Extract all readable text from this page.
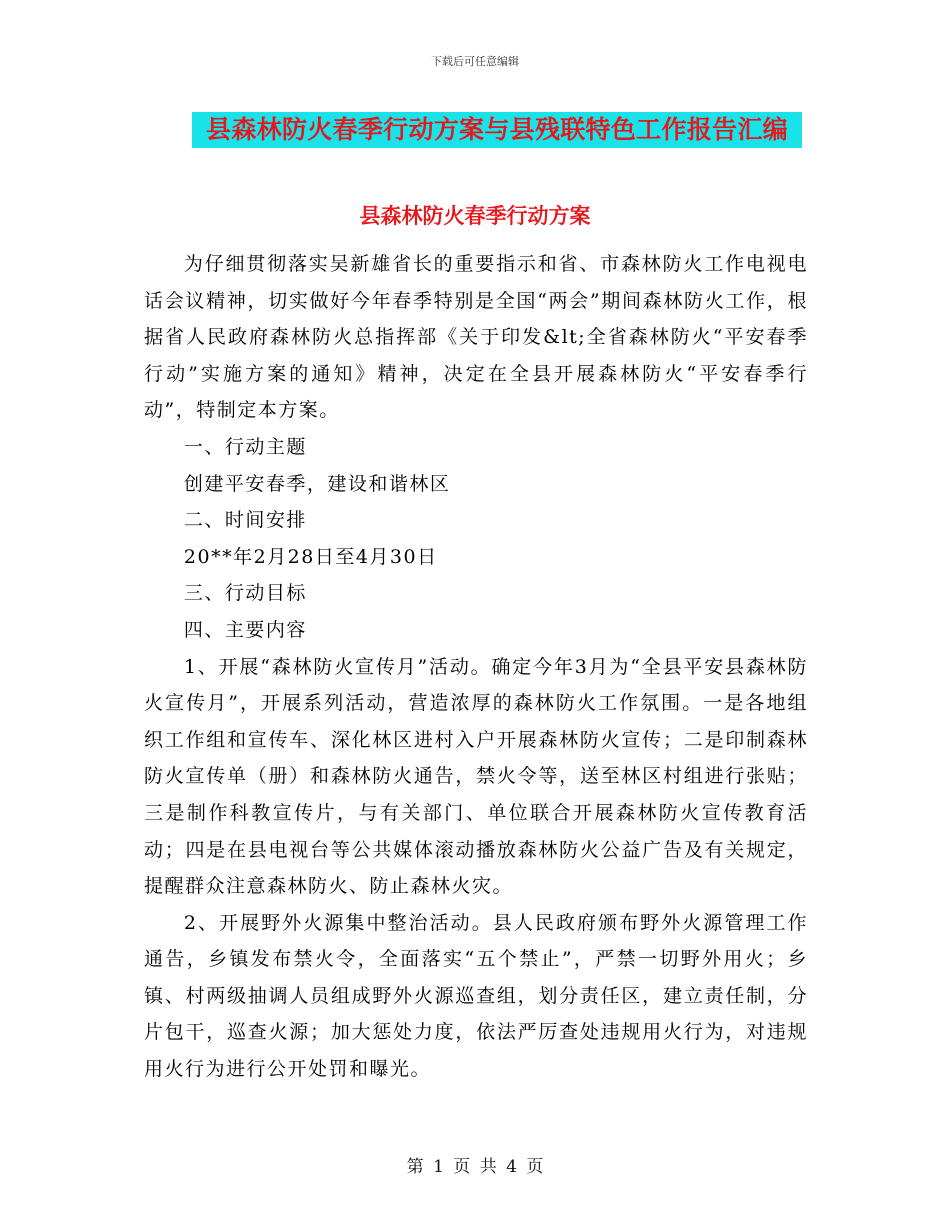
下载后可任意编辑
县森林防火春季行动方案与县残联特色工作报告汇编
县森林防火春季行动方案

为仔细贯彻落实吴新雄省长的重要指示和省、市森林防火工作电视电话会议精神，切实做好今年春季特别是全国“两会”期间森林防火工作，根据省人民政府森林防火总指挥部《关于印发&lt;全省森林防火“平安春季行动”实施方案的通知》精神，决定在全县开展森林防火“平安春季行动”，特制定本方案。

一、行动主题

创建平安春季，建设和谐林区

二、时间安排

20**年2月28日至4月30日

三、行动目标

四、主要内容

1、开展“森林防火宣传月”活动。确定今年3月为“全县平安县森林防火宣传月”，开展系列活动，营造浓厚的森林防火工作氛围。一是各地组织工作组和宣传车、深化林区进村入户开展森林防火宣传；二是印制森林防火宣传单（册）和森林防火通告，禁火令等，送至林区村组进行张贴；三是制作科教宣传片，与有关部门、单位联合开展森林防火宣传教育活动；四是在县电视台等公共媒体滚动播放森林防火公益广告及有关规定，提醒群众注意森林防火、防止森林火灾。

2、开展野外火源集中整治活动。县人民政府颁布野外火源管理工作通告，乡镇发布禁火令，全面落实“五个禁止”，严禁一切野外用火；乡镇、村两级抽调人员组成野外火源巡查组，划分责任区，建立责任制，分片包干，巡查火源；加大惩处力度，依法严厉查处违规用火行为，对违规用火行为进行公开处罚和曝光。

第 1 页 共 4 页
